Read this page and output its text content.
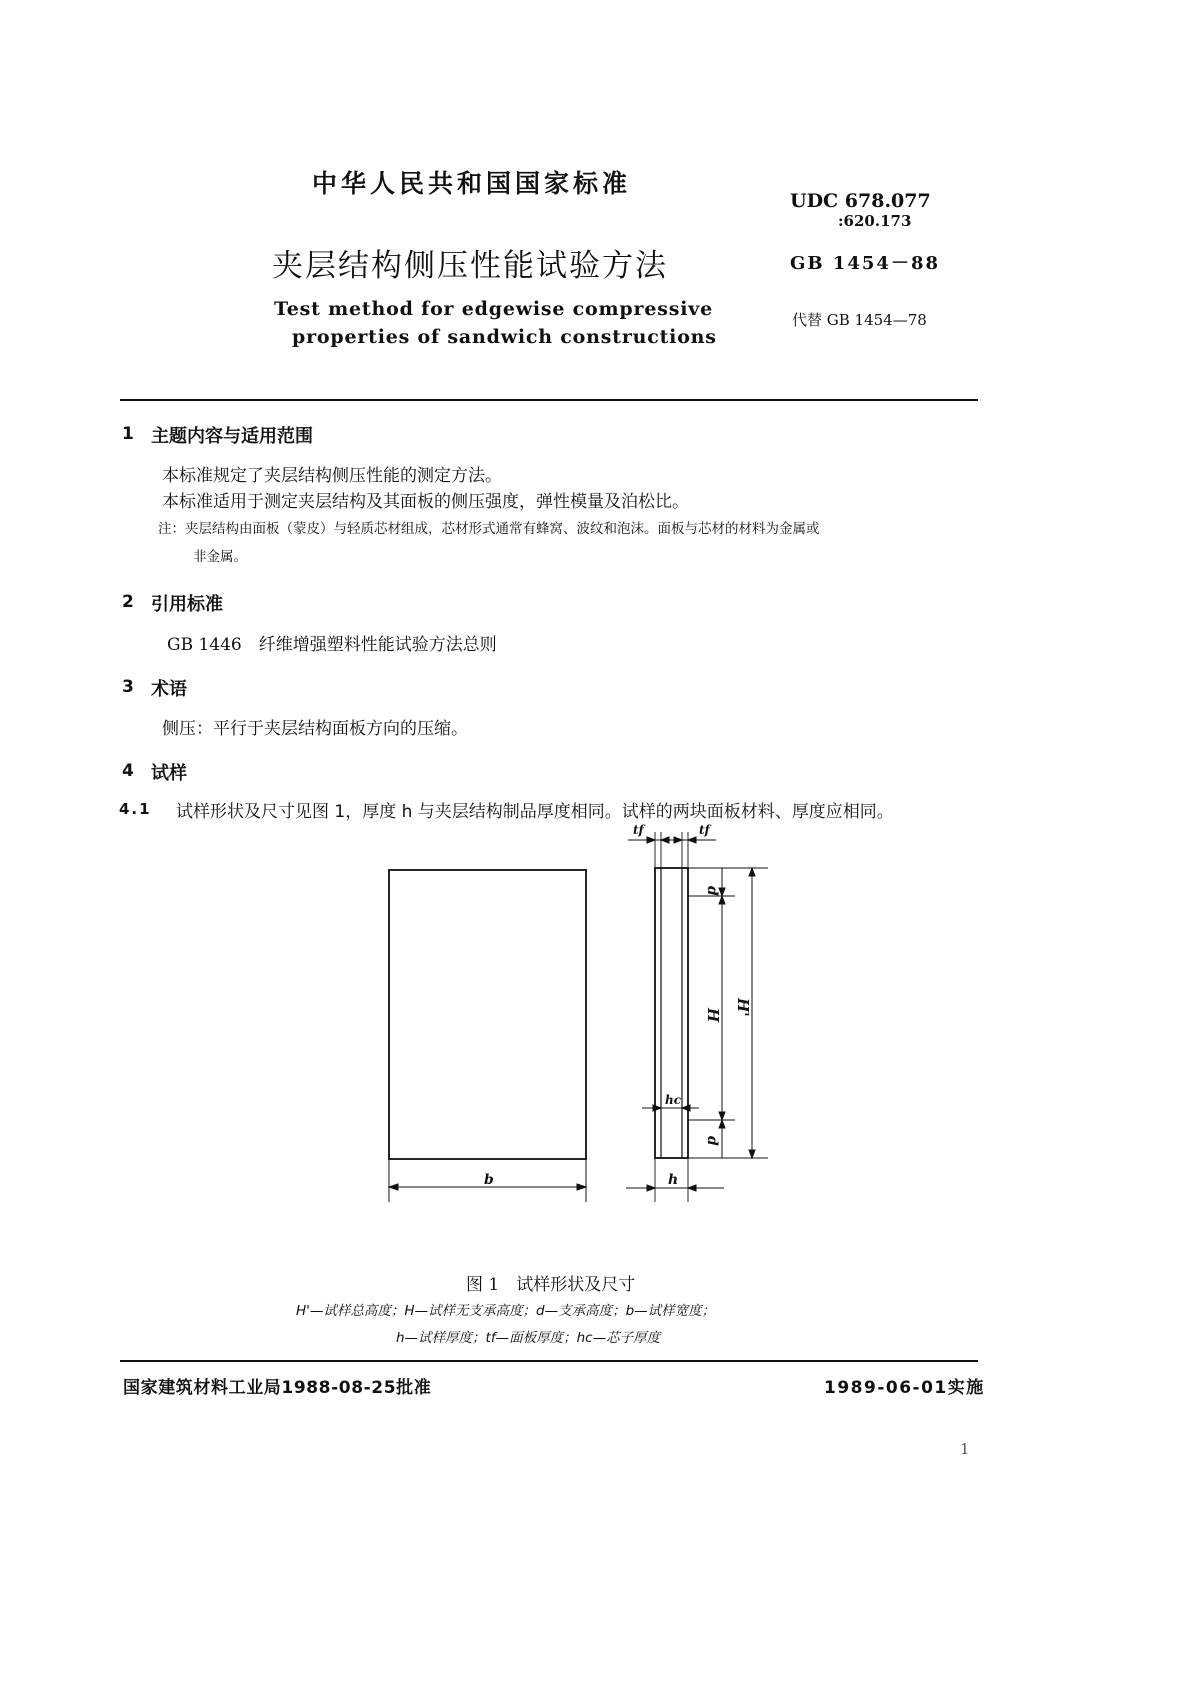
中华人民共和国国家标准
夹层结构侧压性能试验方法
Test method for edgewise compressive
properties of sandwich constructions
UDC 678.077
:620.173
GB 1454－88
代替 GB 1454—78
1 主题内容与适用范围
本标准规定了夹层结构侧压性能的测定方法。
本标准适用于测定夹层结构及其面板的侧压强度，弹性模量及泊松比。
注：夹层结构由面板（蒙皮）与轻质芯材组成，芯材形式通常有蜂窝、波纹和泡沫。面板与芯材的材料为金属或
非金属。
2 引用标准
GB 1446　纤维增强塑料性能试验方法总则
3 术语
侧压：平行于夹层结构面板方向的压缩。
4 试样
4.1 试样形状及尺寸见图 1，厚度 h 与夹层结构制品厚度相同。试样的两块面板材料、厚度应相同。
b	h
hc
tf	tf
d
d
H H'
图 1　试样形状及尺寸
H'—试样总高度；H—试样无支承高度；d—支承高度；b—试样宽度；
h—试样厚度；tf—面板厚度；hc—芯子厚度
国家建筑材料工业局1988-08-25批准	1989-06-01实施
1
